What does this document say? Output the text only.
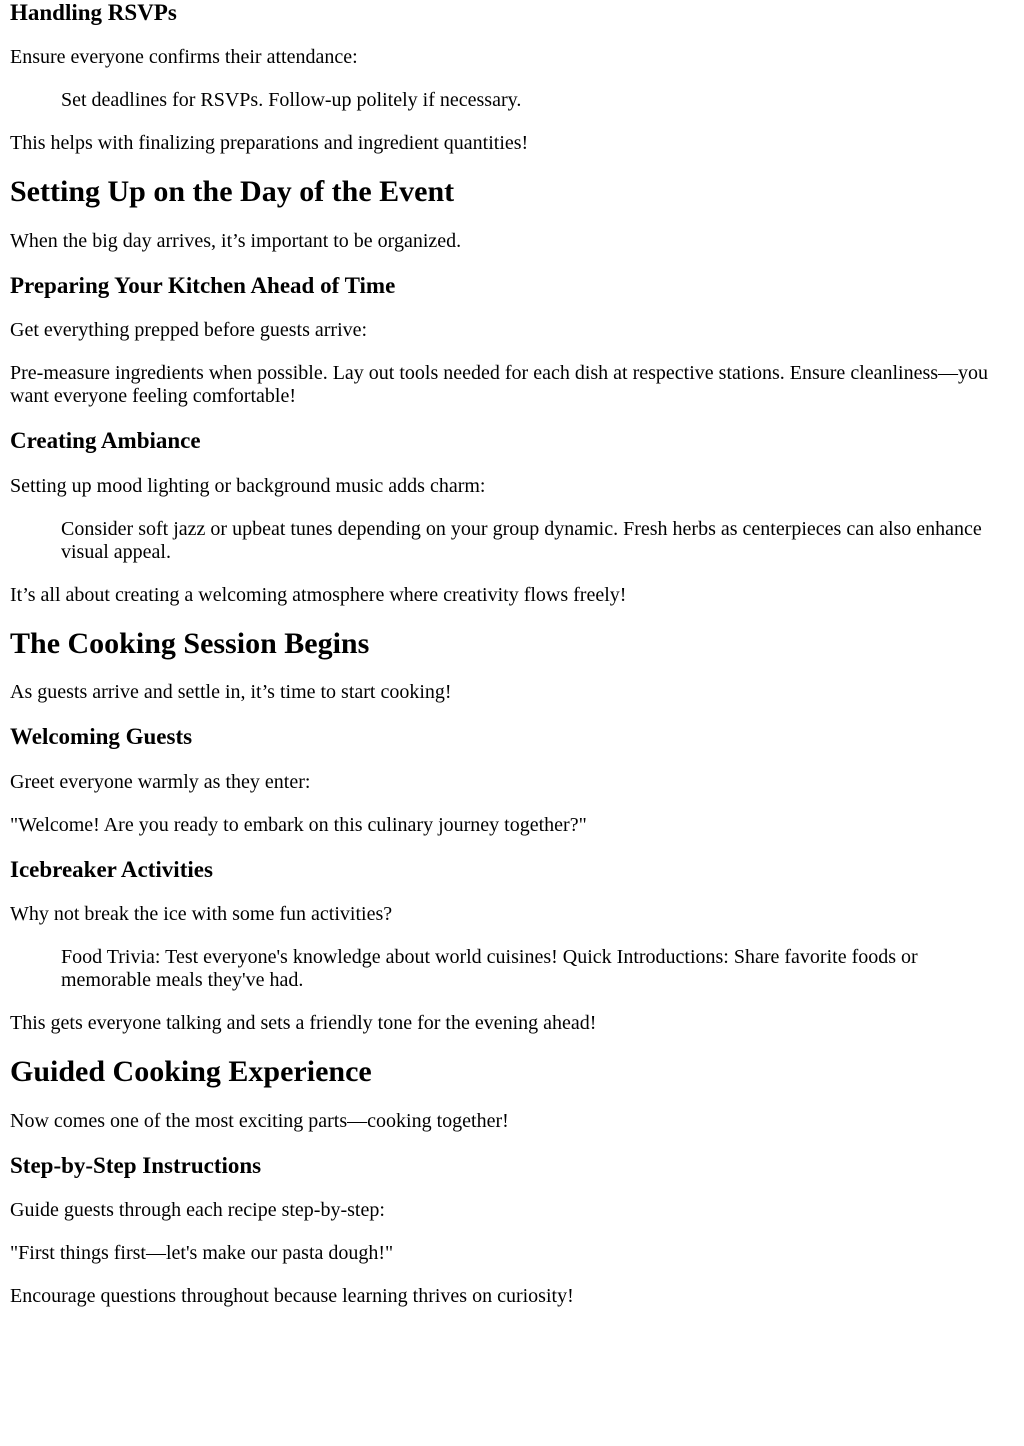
Handling RSVPs

Ensure everyone confirms their attendance:

Set deadlines for RSVPs. Follow-up politely if necessary.

This helps with finalizing preparations and ingredient quantities!

Setting Up on the Day of the Event

When the big day arrives, it’s important to be organized.

Preparing Your Kitchen Ahead of Time

Get everything prepped before guests arrive:

Pre-measure ingredients when possible. Lay out tools needed for each dish at respective stations. Ensure cleanliness—you want everyone feeling comfortable!

Creating Ambiance

Setting up mood lighting or background music adds charm:

Consider soft jazz or upbeat tunes depending on your group dynamic. Fresh herbs as centerpieces can also enhance visual appeal.

It’s all about creating a welcoming atmosphere where creativity flows freely!

The Cooking Session Begins

As guests arrive and settle in, it’s time to start cooking!

Welcoming Guests

Greet everyone warmly as they enter:

"Welcome! Are you ready to embark on this culinary journey together?"

Icebreaker Activities

Why not break the ice with some fun activities?

Food Trivia: Test everyone's knowledge about world cuisines! Quick Introductions: Share favorite foods or memorable meals they've had.

This gets everyone talking and sets a friendly tone for the evening ahead!

Guided Cooking Experience

Now comes one of the most exciting parts—cooking together!

Step-by-Step Instructions

Guide guests through each recipe step-by-step:

"First things first—let's make our pasta dough!"

Encourage questions throughout because learning thrives on curiosity!
